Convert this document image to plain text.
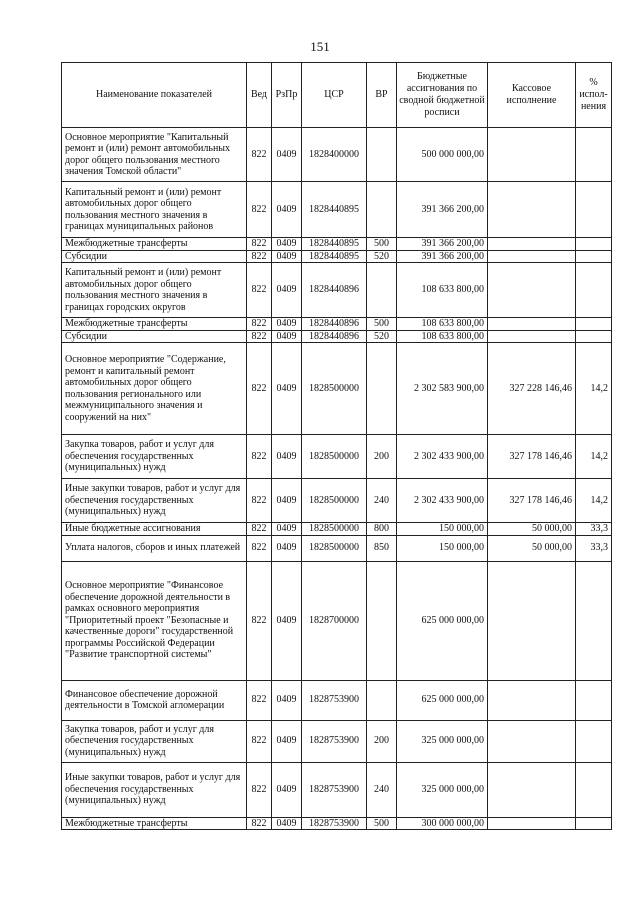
151
Наименование показателей	Вед	РзПр	ЦСР	ВР	Бюджетные ассигнования по сводной бюджетной росписи	Кассовое исполнение	% испол-нения
Основное мероприятие "Капитальный ремонт и (или) ремонт автомобильных дорог общего пользования местного значения Томской области"	822	0409	1828400000		500 000 000,00		
Капитальный ремонт и (или) ремонт автомобильных дорог общего пользования местного значения в границах муниципальных районов	822	0409	1828440895		391 366 200,00		
Межбюджетные трансферты	822	0409	1828440895	500	391 366 200,00		
Субсидии	822	0409	1828440895	520	391 366 200,00		
Капитальный ремонт и (или) ремонт автомобильных дорог общего пользования местного значения в границах городских округов	822	0409	1828440896		108 633 800,00		
Межбюджетные трансферты	822	0409	1828440896	500	108 633 800,00		
Субсидии	822	0409	1828440896	520	108 633 800,00		
Основное мероприятие "Содержание, ремонт и капитальный ремонт автомобильных дорог общего пользования регионального или межмуниципального значения и сооружений на них"	822	0409	1828500000		2 302 583 900,00	327 228 146,46	14,2
Закупка товаров, работ и услуг для обеспечения государственных (муниципальных) нужд	822	0409	1828500000	200	2 302 433 900,00	327 178 146,46	14,2
Иные закупки товаров, работ и услуг для обеспечения государственных (муниципальных) нужд	822	0409	1828500000	240	2 302 433 900,00	327 178 146,46	14,2
Иные бюджетные ассигнования	822	0409	1828500000	800	150 000,00	50 000,00	33,3
Уплата налогов, сборов и иных платежей	822	0409	1828500000	850	150 000,00	50 000,00	33,3
Основное мероприятие "Финансовое обеспечение дорожной деятельности в рамках основного мероприятия "Приоритетный проект "Безопасные и качественные дороги" государственной программы Российской Федерации "Развитие транспортной системы"	822	0409	1828700000		625 000 000,00		
Финансовое обеспечение дорожной деятельности в Томской агломерации	822	0409	1828753900		625 000 000,00		
Закупка товаров, работ и услуг для обеспечения государственных (муниципальных) нужд	822	0409	1828753900	200	325 000 000,00		
Иные закупки товаров, работ и услуг для обеспечения государственных (муниципальных) нужд	822	0409	1828753900	240	325 000 000,00		
Межбюджетные трансферты	822	0409	1828753900	500	300 000 000,00		
